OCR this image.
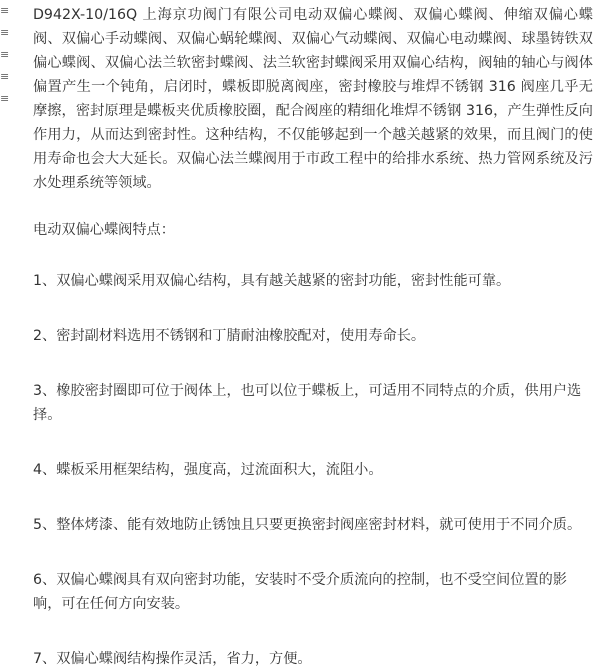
≡
≡
≡
≡
≡

D942X-10/16Q 上海京功阀门有限公司电动双偏心蝶阀、双偏心蝶阀、伸缩双偏心蝶阀、双偏心手动蝶阀、双偏心蜗轮蝶阀、双偏心气动蝶阀、双偏心电动蝶阀、球墨铸铁双偏心蝶阀、双偏心法兰软密封蝶阀、法兰软密封蝶阀采用双偏心结构，阀轴的轴心与阀体偏置产生一个钝角，启闭时，蝶板即脱离阀座，密封橡胶与堆焊不锈钢 316 阀座几乎无摩擦，密封原理是蝶板夹优质橡胶圈，配合阀座的精细化堆焊不锈钢 316，产生弹性反向作用力，从而达到密封性。这种结构，不仅能够起到一个越关越紧的效果，而且阀门的使用寿命也会大大延长。双偏心法兰蝶阀用于市政工程中的给排水系统、热力管网系统及污水处理系统等领域。

电动双偏心蝶阀特点：

1、双偏心蝶阀采用双偏心结构，具有越关越紧的密封功能，密封性能可靠。

2、密封副材料选用不锈钢和丁腈耐油橡胶配对，使用寿命长。

3、橡胶密封圈即可位于阀体上，也可以位于蝶板上，可适用不同特点的介质，供用户选择。

4、蝶板采用框架结构，强度高，过流面积大，流阻小。

5、整体烤漆、能有效地防止锈蚀且只要更换密封阀座密封材料，就可使用于不同介质。

6、双偏心蝶阀具有双向密封功能，安装时不受介质流向的控制，也不受空间位置的影响，可在任何方向安装。

7、双偏心蝶阀结构操作灵活，省力，方便。
